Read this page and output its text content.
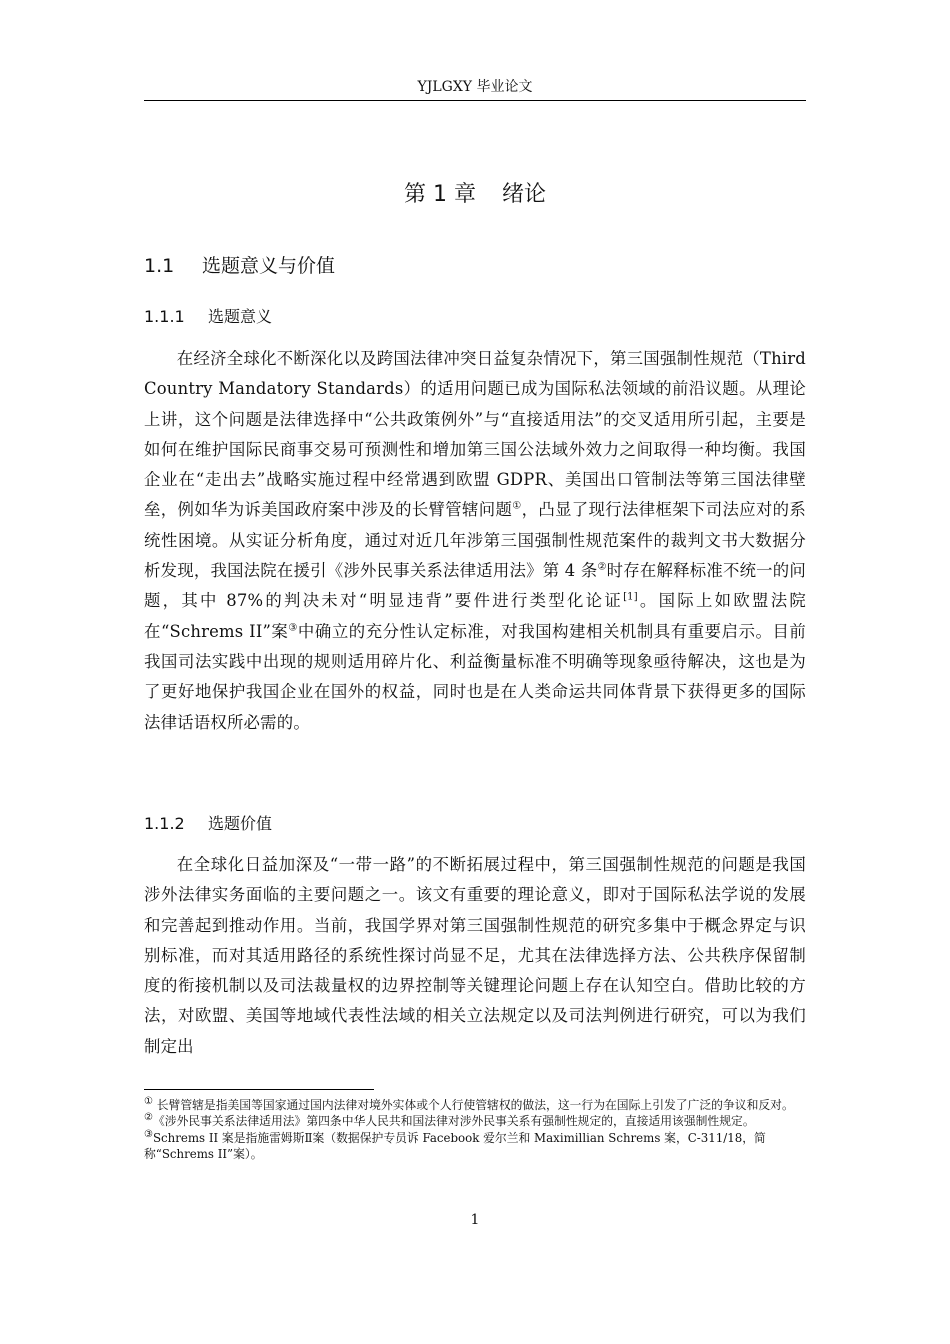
YJLGXY 毕业论文
第 1 章 绪论
1.1 选题意义与价值
1.1.1 选题意义

在经济全球化不断深化以及跨国法律冲突日益复杂情况下，第三国强制性规范（Third Country Mandatory Standards）的适用问题已成为国际私法领域的前沿议题。从理论上讲，这个问题是法律选择中“公共政策例外”与“直接适用法”的交叉适用所引起，主要是如何在维护国际民商事交易可预测性和增加第三国公法域外效力之间取得一种均衡。我国企业在“走出去”战略实施过程中经常遇到欧盟 GDPR、美国出口管制法等第三国法律壁垒，例如华为诉美国政府案中涉及的长臂管辖问题①，凸显了现行法律框架下司法应对的系统性困境。从实证分析角度，通过对近几年涉第三国强制性规范案件的裁判文书大数据分析发现，我国法院在援引《涉外民事关系法律适用法》第 4 条②时存在解释标准不统一的问题，其中 87%的判决未对“明显违背”要件进行类型化论证[1]。国际上如欧盟法院在“Schrems II”案③中确立的充分性认定标准，对我国构建相关机制具有重要启示。目前我国司法实践中出现的规则适用碎片化、利益衡量标准不明确等现象亟待解决，这也是为了更好地保护我国企业在国外的权益，同时也是在人类命运共同体背景下获得更多的国际法律话语权所必需的。

1.1.2 选题价值

在全球化日益加深及“一带一路”的不断拓展过程中，第三国强制性规范的问题是我国涉外法律实务面临的主要问题之一。该文有重要的理论意义，即对于国际私法学说的发展和完善起到推动作用。当前，我国学界对第三国强制性规范的研究多集中于概念界定与识别标准，而对其适用路径的系统性探讨尚显不足，尤其在法律选择方法、公共秩序保留制度的衔接机制以及司法裁量权的边界控制等关键理论问题上存在认知空白。借助比较的方法，对欧盟、美国等地域代表性法域的相关立法规定以及司法判例进行研究，可以为我们制定出

① 长臂管辖是指美国等国家通过国内法律对境外实体或个人行使管辖权的做法，这一行为在国际上引发了广泛的争议和反对。

②《涉外民事关系法律适用法》第四条中华人民共和国法律对涉外民事关系有强制性规定的，直接适用该强制性规定。

③Schrems II 案是指施雷姆斯Ⅱ案（数据保护专员诉 Facebook 爱尔兰和 Maximillian Schrems 案，C-311/18，简称“Schrems II”案）。

1
